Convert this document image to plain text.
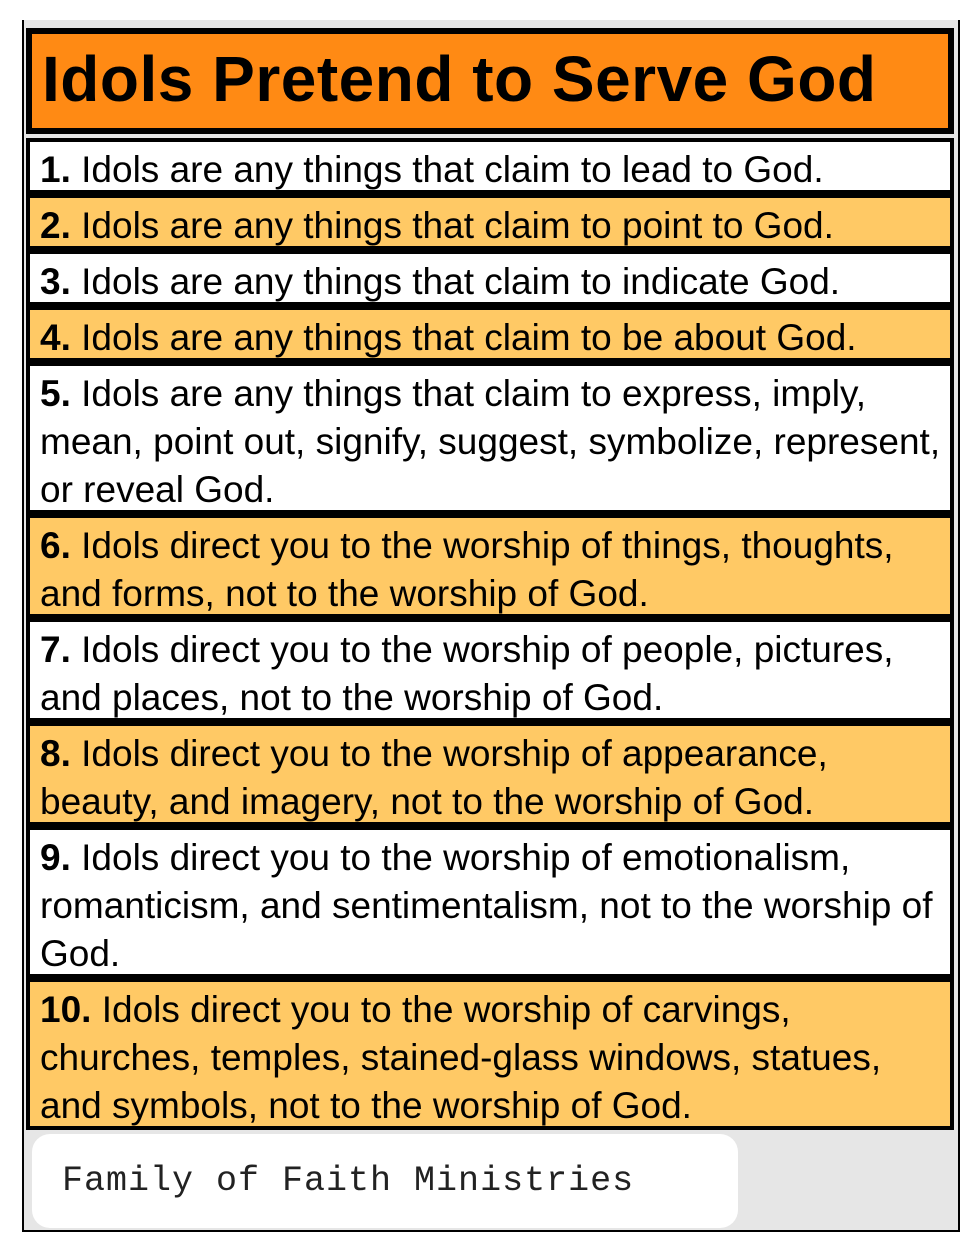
Idols Pretend to Serve God
1. Idols are any things that claim to lead to God.
2. Idols are any things that claim to point to God.
3. Idols are any things that claim to indicate God.
4. Idols are any things that claim to be about God.
5. Idols are any things that claim to express, imply, mean, point out, signify, suggest, symbolize, represent, or reveal God.
6. Idols direct you to the worship of things, thoughts, and forms, not to the worship of God.
7. Idols direct you to the worship of people, pictures, and places, not to the worship of God.
8. Idols direct you to the worship of appearance, beauty, and imagery, not to the worship of God.
9. Idols direct you to the worship of emotionalism, romanticism, and sentimentalism, not to the worship of God.
10. Idols direct you to the worship of carvings, churches, temples, stained-glass windows, statues, and symbols, not to the worship of God.
Family of Faith Ministries
